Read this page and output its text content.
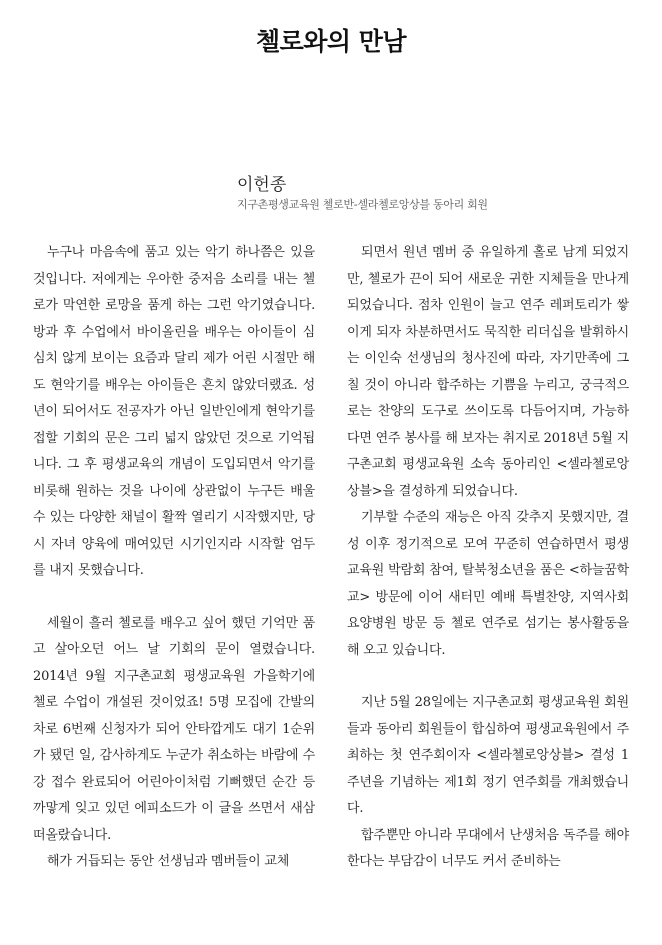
첼로와의 만남
이헌종
지구촌평생교육원 첼로반-셀라첼로앙상블 동아리 회원

누구나 마음속에 품고 있는 악기 하나쯤은 있을 것입니다. 저에게는 우아한 중저음 소리를 내는 첼로가 막연한 로망을 품게 하는 그런 악기였습니다. 방과 후 수업에서 바이올린을 배우는 아이들이 심심치 않게 보이는 요즘과 달리 제가 어린 시절만 해도 현악기를 배우는 아이들은 흔치 않았더랬죠. 성년이 되어서도 전공자가 아닌 일반인에게 현악기를 접할 기회의 문은 그리 넓지 않았던 것으로 기억됩니다. 그 후 평생교육의 개념이 도입되면서 악기를 비롯해 원하는 것을 나이에 상관없이 누구든 배울 수 있는 다양한 채널이 활짝 열리기 시작했지만, 당시 자녀 양육에 매여있던 시기인지라 시작할 엄두를 내지 못했습니다.

세월이 흘러 첼로를 배우고 싶어 했던 기억만 품고 살아오던 어느 날 기회의 문이 열렸습니다. 2014년 9월 지구촌교회 평생교육원 가을학기에 첼로 수업이 개설된 것이었죠! 5명 모집에 간발의 차로 6번째 신청자가 되어 안타깝게도 대기 1순위가 됐던 일, 감사하게도 누군가 취소하는 바람에 수강 접수 완료되어 어린아이처럼 기뻐했던 순간 등 까맣게 잊고 있던 에피소드가 이 글을 쓰면서 새삼 떠올랐습니다.

해가 거듭되는 동안 선생님과 멤버들이 교체

되면서 원년 멤버 중 유일하게 홀로 남게 되었지만, 첼로가 끈이 되어 새로운 귀한 지체들을 만나게 되었습니다. 점차 인원이 늘고 연주 레퍼토리가 쌓이게 되자 차분하면서도 묵직한 리더십을 발휘하시는 이인숙 선생님의 청사진에 따라, 자기만족에 그칠 것이 아니라 합주하는 기쁨을 누리고, 궁극적으로는 찬양의 도구로 쓰이도록 다듬어지며, 가능하다면 연주 봉사를 해 보자는 취지로 2018년 5월 지구촌교회 평생교육원 소속 동아리인 <셀라첼로앙상블>을 결성하게 되었습니다.

기부할 수준의 재능은 아직 갖추지 못했지만, 결성 이후 정기적으로 모여 꾸준히 연습하면서 평생교육원 박람회 참여, 탈북청소년을 품은 <하늘꿈학교> 방문에 이어 새터민 예배 특별찬양, 지역사회 요양병원 방문 등 첼로 연주로 섬기는 봉사활동을 해 오고 있습니다.

지난 5월 28일에는 지구촌교회 평생교육원 회원들과 동아리 회원들이 합심하여 평생교육원에서 주최하는 첫 연주회이자 <셀라첼로앙상블> 결성 1주년을 기념하는 제1회 정기 연주회를 개최했습니다.

합주뿐만 아니라 무대에서 난생처음 독주를 해야 한다는 부담감이 너무도 커서 준비하는
